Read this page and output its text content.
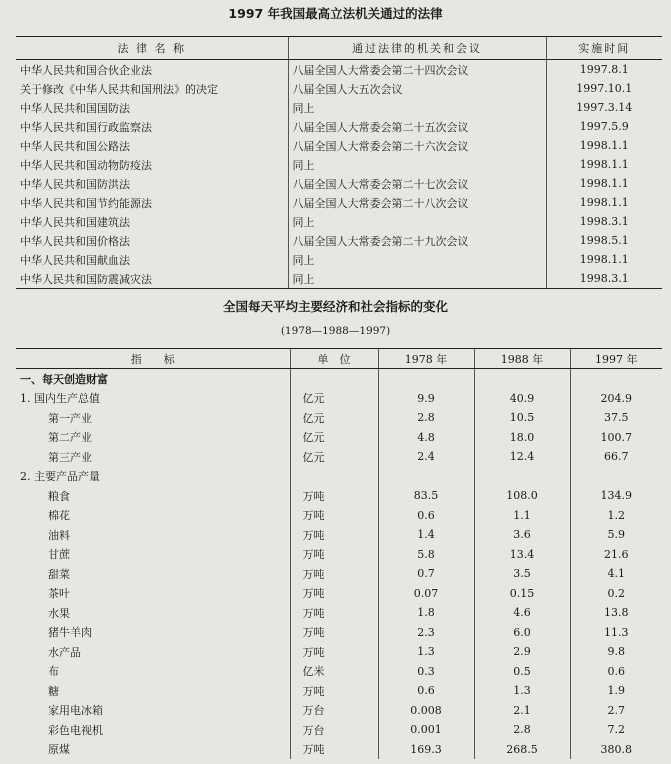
1997 年我国最高立法机关通过的法律
法 律 名 称	通过法律的机关和会议	实施时间
中华人民共和国合伙企业法	八届全国人大常委会第二十四次会议	1997.8.1
关于修改《中华人民共和国刑法》的决定	八届全国人大五次会议	1997.10.1
中华人民共和国国防法	同上	1997.3.14
中华人民共和国行政监察法	八届全国人大常委会第二十五次会议	1997.5.9
中华人民共和国公路法	八届全国人大常委会第二十六次会议	1998.1.1
中华人民共和国动物防疫法	同上	1998.1.1
中华人民共和国防洪法	八届全国人大常委会第二十七次会议	1998.1.1
中华人民共和国节约能源法	八届全国人大常委会第二十八次会议	1998.1.1
中华人民共和国建筑法	同上	1998.3.1
中华人民共和国价格法	八届全国人大常委会第二十九次会议	1998.5.1
中华人民共和国献血法	同上	1998.1.1
中华人民共和国防震减灾法	同上	1998.3.1
全国每天平均主要经济和社会指标的变化
(1978—1988—1997)
指　　标	单　位	1978 年	1988 年	1997 年
一、每天创造财富				
1. 国内生产总值	亿元	9.9	40.9	204.9
第一产业	亿元	2.8	10.5	37.5
第二产业	亿元	4.8	18.0	100.7
第三产业	亿元	2.4	12.4	66.7
2. 主要产品产量				
粮食	万吨	83.5	108.0	134.9
棉花	万吨	0.6	1.1	1.2
油料	万吨	1.4	3.6	5.9
甘蔗	万吨	5.8	13.4	21.6
甜菜	万吨	0.7	3.5	4.1
茶叶	万吨	0.07	0.15	0.2
水果	万吨	1.8	4.6	13.8
猪牛羊肉	万吨	2.3	6.0	11.3
水产品	万吨	1.3	2.9	9.8
布	亿米	0.3	0.5	0.6
糖	万吨	0.6	1.3	1.9
家用电冰箱	万台	0.008	2.1	2.7
彩色电视机	万台	0.001	2.8	7.2
原煤	万吨	169.3	268.5	380.8
